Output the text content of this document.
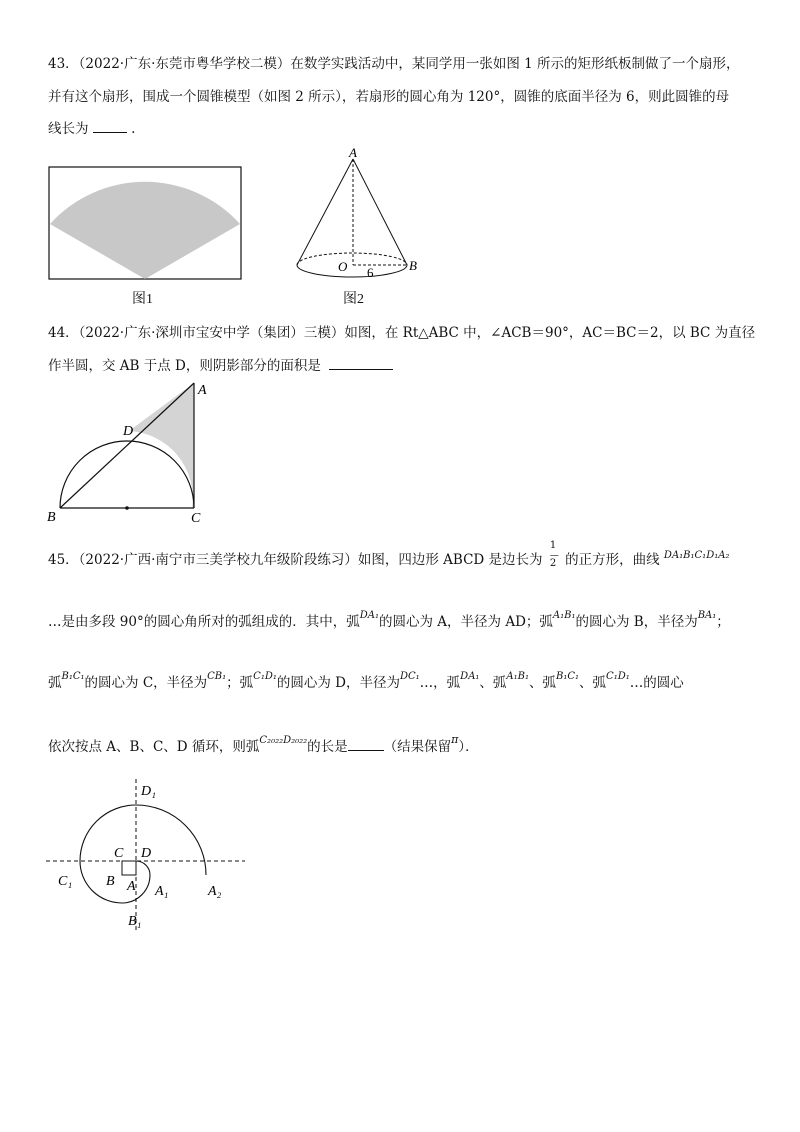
43．（2022·广东·东莞市粤华学校二模）在数学实践活动中，某同学用一张如图 1 所示的矩形纸板制做了一个扇形，
并有这个扇形，围成一个圆锥模型（如图 2 所示），若扇形的圆心角为 120°，圆锥的底面半径为 6，则此圆锥的母
线长为	.
图1
A
O	B
6
图2
44．（2022·广东·深圳市宝安中学（集团）三模）如图，在 Rt△ABC 中，∠ACB＝90°，AC＝BC＝2，以 BC 为直径
作半圆，交 AB 于点 D，则阴影部分的面积是
A
B	C
D
45．（2022·广西·南宁市三美学校九年级阶段练习）如图，四边形 ABCD 是边长为
1
—
2 的正方形，曲线 $^{DA_1B_1C_1D_1A_2}$
…是由多段 90°的圆心角所对的弧组成的．其中，弧$^{DA_1}$的圆心为 A，半径为 AD；弧$^{A_1B_1}$的圆心为 B，半径为$^{BA_1}$；
弧$^{B_1C_1}$的圆心为 C，半径为$^{CB_1}$；弧$^{C_1D_1}$的圆心为 D，半径为$^{DC_1}$…，弧$^{DA_1}$、弧$^{A_1B_1}$、弧$^{B_1C_1}$、弧$^{C_1D_1}$…的圆心
依次按点 A、B、C、D 循环，则弧$^{C_{2022}D_{2022}}$的长是	（结果保留$^\pi$）．
D₁
C D
C₁ B A A₁	A₂
B₁
